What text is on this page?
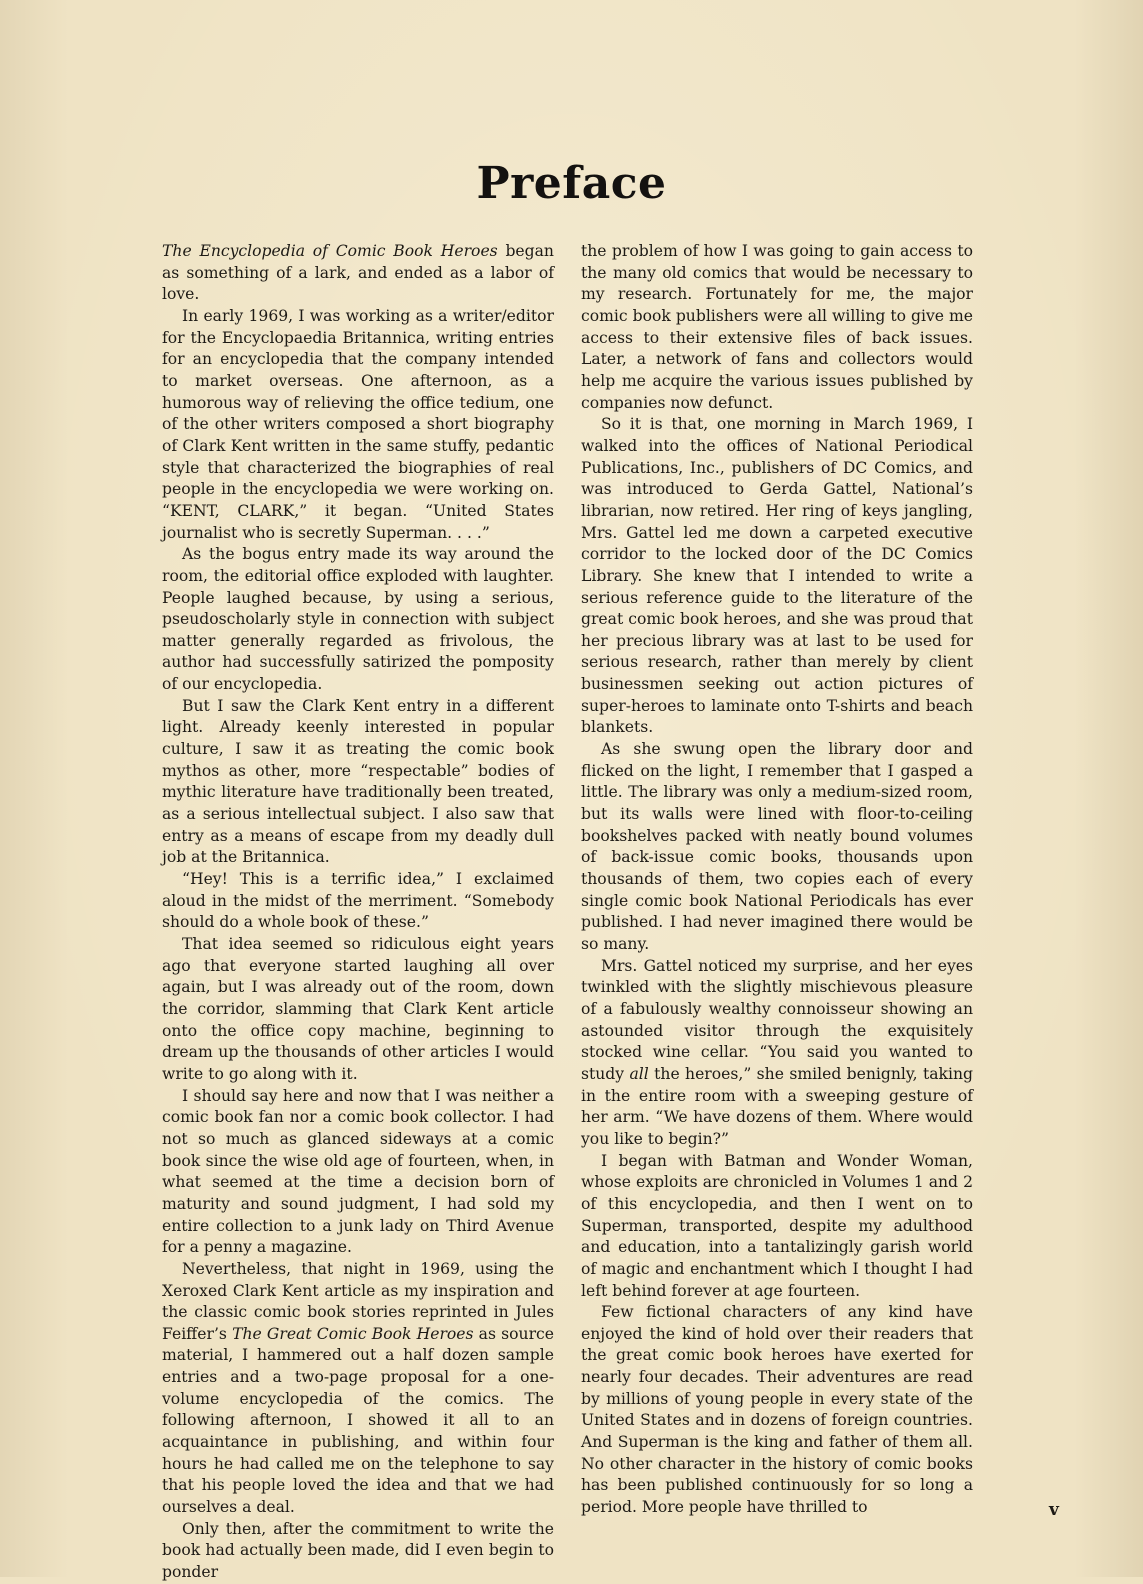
Preface

The Encyclopedia of Comic Book Heroes began as something of a lark, and ended as a labor of love.

In early 1969, I was working as a writer/editor for the Encyclopaedia Britannica, writing entries for an encyclopedia that the company intended to market overseas. One afternoon, as a humorous way of relieving the office tedium, one of the other writers composed a short biography of Clark Kent written in the same stuffy, pedantic style that characterized the biographies of real people in the encyclopedia we were working on. “KENT, CLARK,” it began. “United States journalist who is secretly Superman. . . .”

As the bogus entry made its way around the room, the editorial office exploded with laughter. People laughed because, by using a serious, pseudoscholarly style in connection with subject matter generally regarded as frivolous, the author had successfully satirized the pomposity of our encyclopedia.

But I saw the Clark Kent entry in a different light. Already keenly interested in popular culture, I saw it as treating the comic book mythos as other, more “respectable” bodies of mythic literature have traditionally been treated, as a serious intellectual subject. I also saw that entry as a means of escape from my deadly dull job at the Britannica.

“Hey! This is a terrific idea,” I exclaimed aloud in the midst of the merriment. “Somebody should do a whole book of these.”

That idea seemed so ridiculous eight years ago that everyone started laughing all over again, but I was already out of the room, down the corridor, slamming that Clark Kent article onto the office copy machine, beginning to dream up the thousands of other articles I would write to go along with it.

I should say here and now that I was neither a comic book fan nor a comic book collector. I had not so much as glanced sideways at a comic book since the wise old age of fourteen, when, in what seemed at the time a decision born of maturity and sound judgment, I had sold my entire collection to a junk lady on Third Avenue for a penny a magazine.

Nevertheless, that night in 1969, using the Xeroxed Clark Kent article as my inspiration and the classic comic book stories reprinted in Jules Feiffer’s The Great Comic Book Heroes as source material, I hammered out a half dozen sample entries and a two-page proposal for a one-volume encyclopedia of the comics. The following afternoon, I showed it all to an acquaintance in publishing, and within four hours he had called me on the telephone to say that his people loved the idea and that we had ourselves a deal.

Only then, after the commitment to write the book had actually been made, did I even begin to ponder

the problem of how I was going to gain access to the many old comics that would be necessary to my research. Fortunately for me, the major comic book publishers were all willing to give me access to their extensive files of back issues. Later, a network of fans and collectors would help me acquire the various issues published by companies now defunct.

So it is that, one morning in March 1969, I walked into the offices of National Periodical Publications, Inc., publishers of DC Comics, and was introduced to Gerda Gattel, National’s librarian, now retired. Her ring of keys jangling, Mrs. Gattel led me down a carpeted executive corridor to the locked door of the DC Comics Library. She knew that I intended to write a serious reference guide to the literature of the great comic book heroes, and she was proud that her precious library was at last to be used for serious research, rather than merely by client businessmen seeking out action pictures of super-heroes to laminate onto T-shirts and beach blankets.

As she swung open the library door and flicked on the light, I remember that I gasped a little. The library was only a medium-sized room, but its walls were lined with floor-to-ceiling bookshelves packed with neatly bound volumes of back-issue comic books, thousands upon thousands of them, two copies each of every single comic book National Periodicals has ever published. I had never imagined there would be so many.

Mrs. Gattel noticed my surprise, and her eyes twinkled with the slightly mischievous pleasure of a fabulously wealthy connoisseur showing an astounded visitor through the exquisitely stocked wine cellar. “You said you wanted to study all the heroes,” she smiled benignly, taking in the entire room with a sweeping gesture of her arm. “We have dozens of them. Where would you like to begin?”

I began with Batman and Wonder Woman, whose exploits are chronicled in Volumes 1 and 2 of this encyclopedia, and then I went on to Superman, transported, despite my adulthood and education, into a tantalizingly garish world of magic and enchantment which I thought I had left behind forever at age fourteen.

Few fictional characters of any kind have enjoyed the kind of hold over their readers that the great comic book heroes have exerted for nearly four decades. Their adventures are read by millions of young people in every state of the United States and in dozens of foreign countries. And Superman is the king and father of them all. No other character in the history of comic books has been published continuously for so long a period. More people have thrilled to	v
